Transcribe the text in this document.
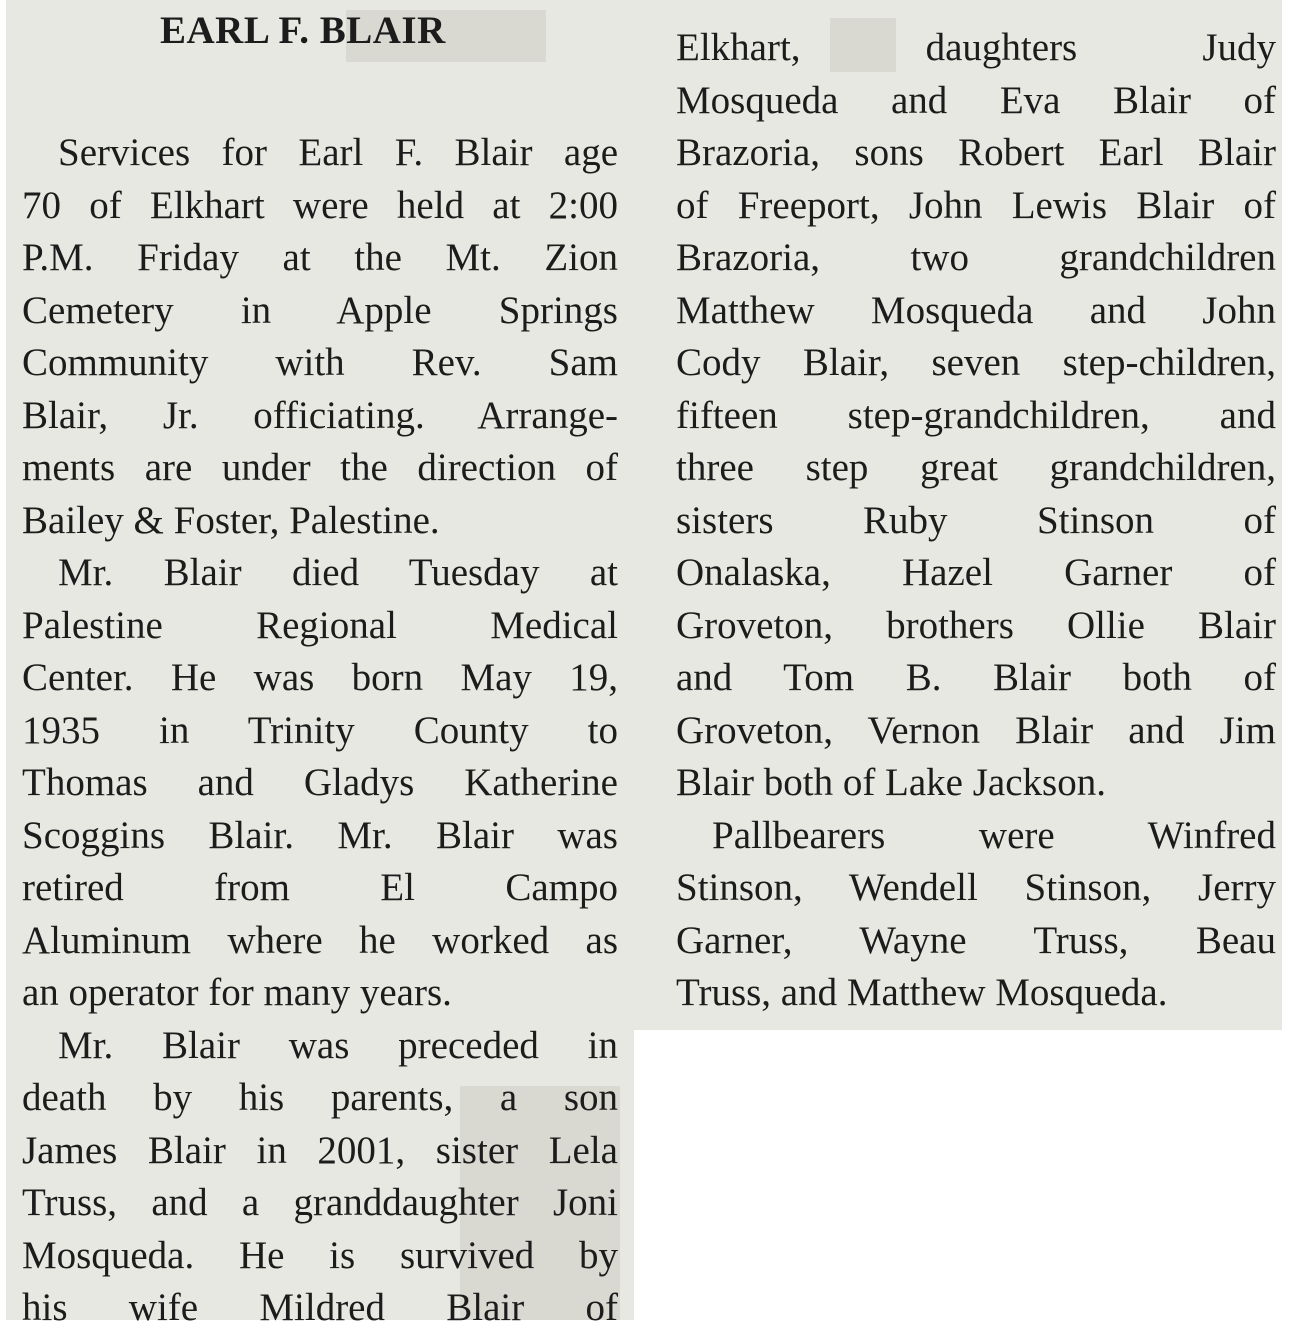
EARL F. BLAIR
Services for Earl F. Blair age
70 of Elkhart were held at 2:00
P.M. Friday at the Mt. Zion
Cemetery in Apple Springs
Community with Rev. Sam
Blair, Jr. officiating. Arrange-
ments are under the direction of
Bailey & Foster, Palestine.
Mr. Blair died Tuesday at
Palestine Regional Medical
Center. He was born May 19,
1935 in Trinity County to
Thomas and Gladys Katherine
Scoggins Blair. Mr. Blair was
retired from El Campo
Aluminum where he worked as
an operator for many years.
Mr. Blair was preceded in
death by his parents, a son
James Blair in 2001, sister Lela
Truss, and a granddaughter Joni
Mosqueda. He is survived by
his wife Mildred Blair of
Elkhart, daughters Judy
Mosqueda and Eva Blair of
Brazoria, sons Robert Earl Blair
of Freeport, John Lewis Blair of
Brazoria, two grandchildren
Matthew Mosqueda and John
Cody Blair, seven step-children,
fifteen step-grandchildren, and
three step great grandchildren,
sisters Ruby Stinson of
Onalaska, Hazel Garner of
Groveton, brothers Ollie Blair
and Tom B. Blair both of
Groveton, Vernon Blair and Jim
Blair both of Lake Jackson.
Pallbearers were Winfred
Stinson, Wendell Stinson, Jerry
Garner, Wayne Truss, Beau
Truss, and Matthew Mosqueda.
